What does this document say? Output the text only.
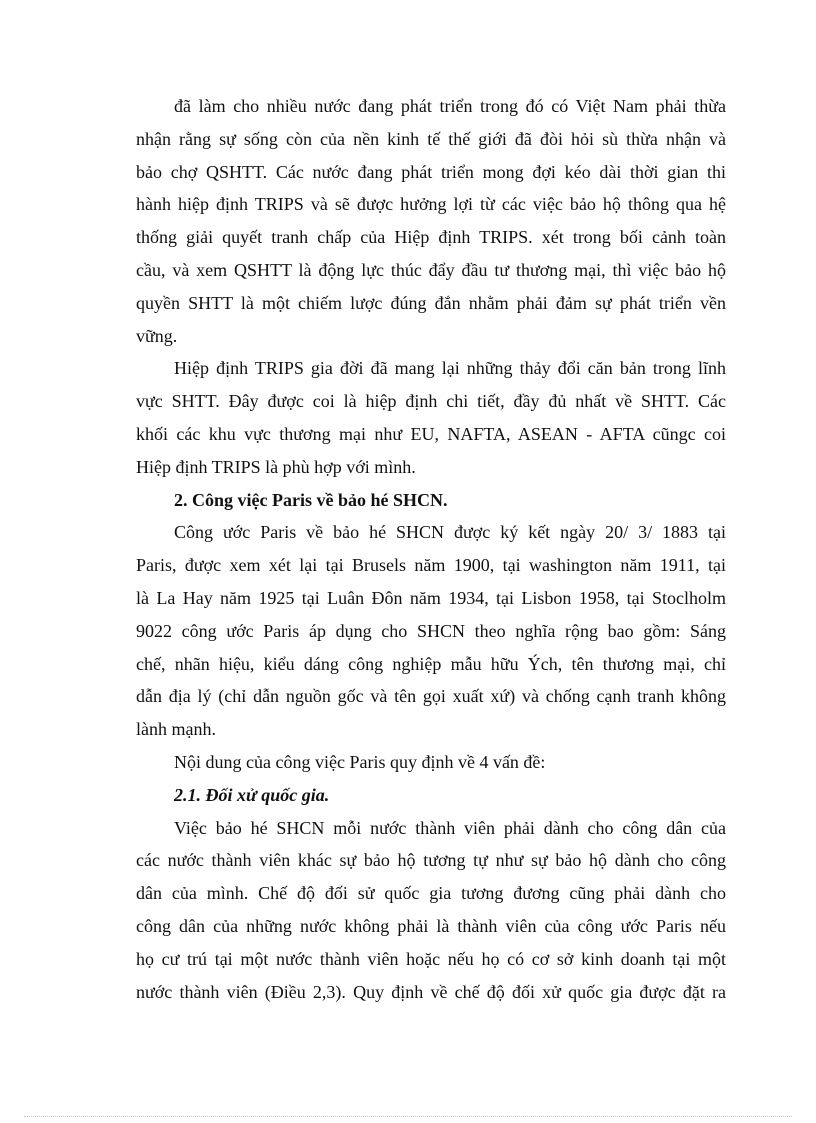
đã làm cho nhiều nước đang phát triển trong đó có Việt Nam phải thừa
nhận rằng sự sống còn của nền kinh tế thế giới đã đòi hỏi sù thừa nhận và
bảo chợ QSHTT. Các nước đang phát triển mong đợi kéo dài thời gian thi
hành hiệp định TRIPS và sẽ được hưởng lợi từ các việc bảo hộ thông qua hệ
thống giải quyết tranh chấp của Hiệp định TRIPS. xét trong bối cảnh toàn
cầu, và xem QSHTT là động lực thúc đẩy đầu tư thương mại, thì việc bảo hộ
quyền SHTT là một chiếm lược đúng đắn nhằm phải đảm sự phát triển vền
vững.
Hiệp định TRIPS gia đời đã mang lại những thảy đổi căn bản trong lĩnh
vực SHTT. Đây được coi là hiệp định chi tiết, đầy đủ nhất về SHTT. Các
khối các khu vực thương mại như EU, NAFTA, ASEAN - AFTA cũngc coi
Hiệp định TRIPS là phù hợp với mình.
2. Công việc Paris về bảo hé SHCN.
Công ước Paris về bảo hé SHCN được ký kết ngày 20/ 3/ 1883 tại
Paris, được xem xét lại tại Brusels năm 1900, tại washington năm 1911, tại
là La Hay năm 1925 tại Luân Đôn năm 1934, tại Lisbon 1958, tại Stoclholm
9022 công ước Paris áp dụng cho SHCN theo nghĩa rộng bao gồm: Sáng
chế, nhãn hiệu, kiểu dáng công nghiệp mẫu hữu Ých, tên thương mại, chỉ
dẫn địa lý (chỉ dẫn nguồn gốc và tên gọi xuất xứ) và chống cạnh tranh không
lành mạnh.
Nội dung của công việc Paris quy định về 4 vấn đề:
2.1. Đối xử quốc gia.
Việc bảo hé SHCN mỗi nước thành viên phải dành cho công dân của
các nước thành viên khác sự bảo hộ tương tự như sự bảo hộ dành cho công
dân của mình. Chế độ đối sử quốc gia tương đương cũng phải dành cho
công dân của những nước không phải là thành viên của công ước Paris nếu
họ cư trú tại một nước thành viên hoặc nếu họ có cơ sở kinh doanh tại một
nước thành viên (Điều 2,3). Quy định về chế độ đối xử quốc gia được đặt ra
